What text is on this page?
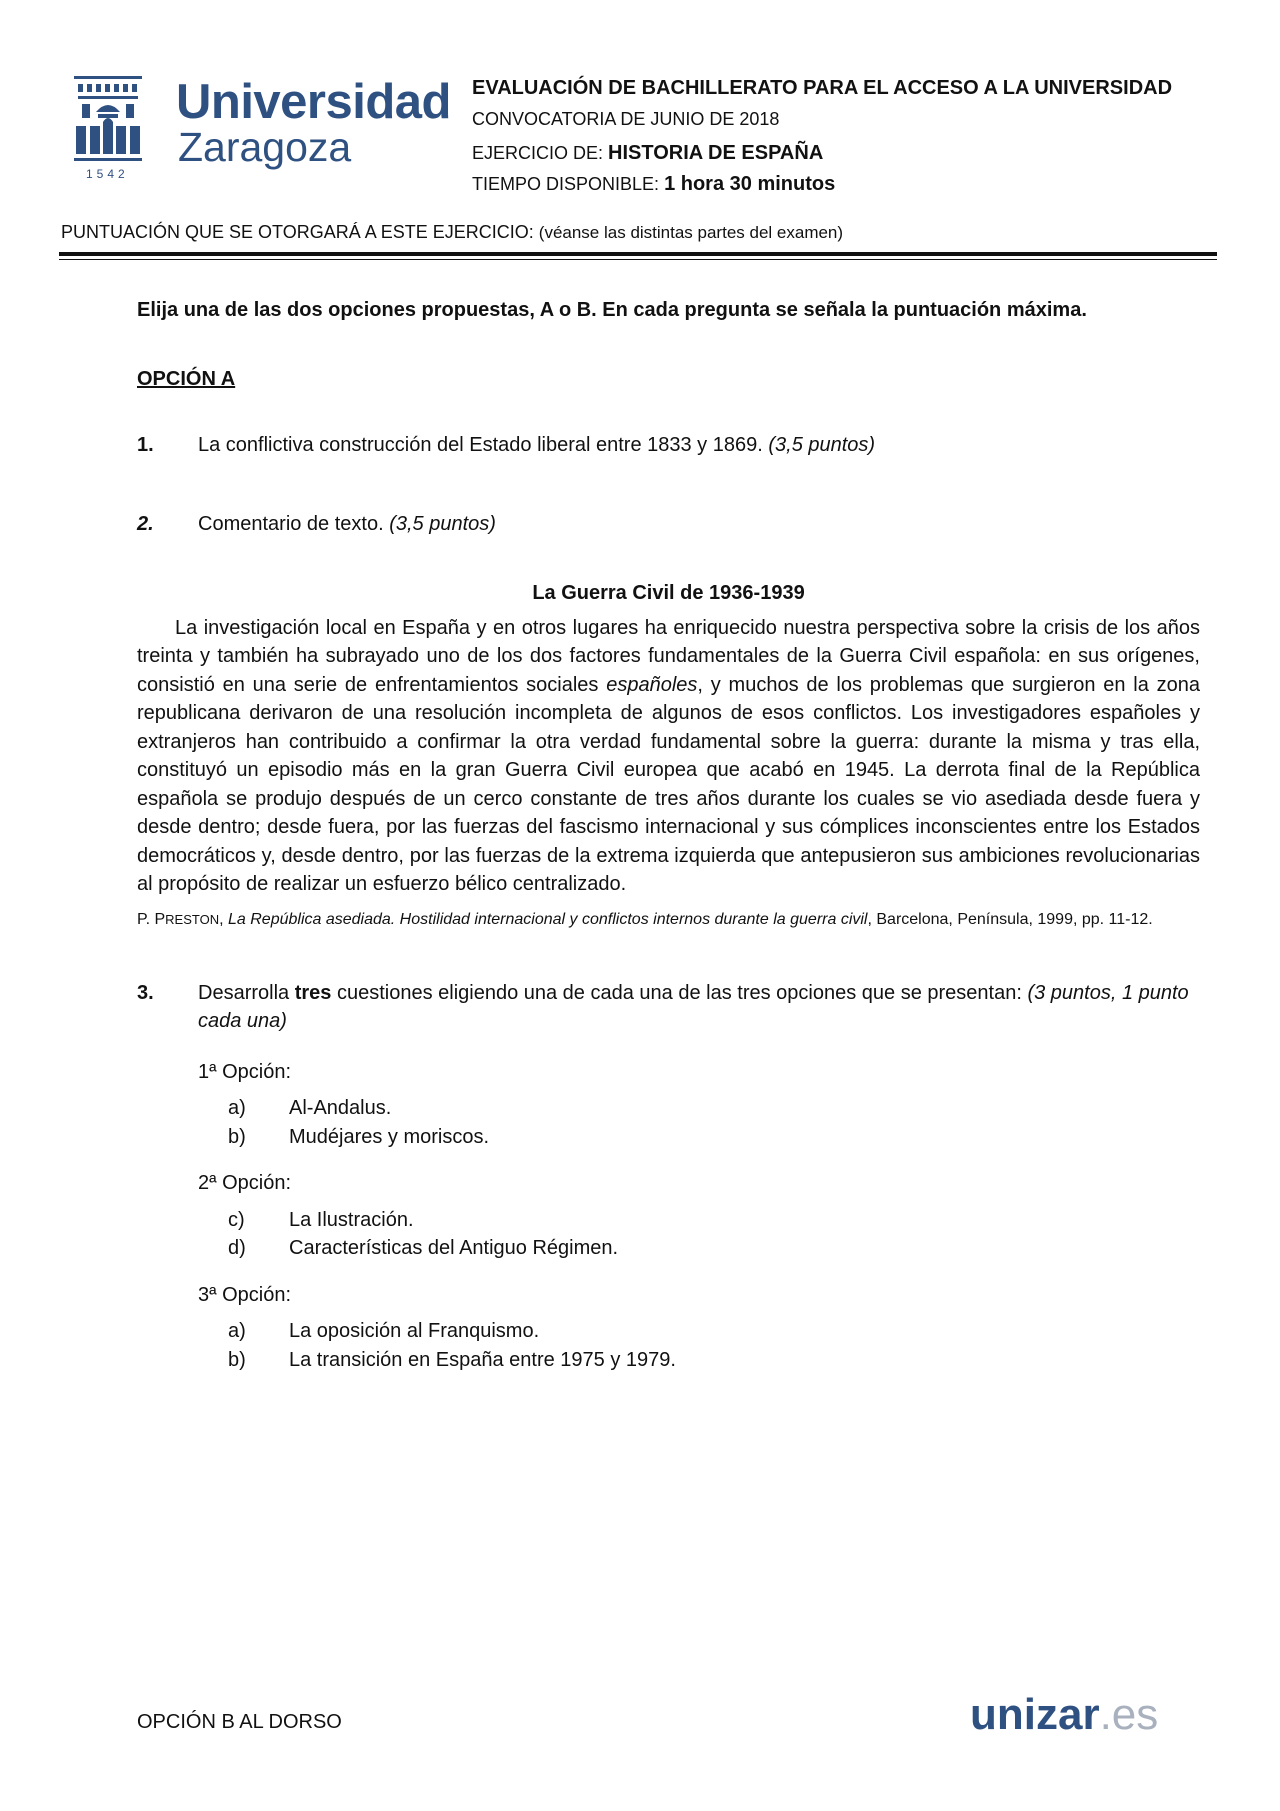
Universidad
Zaragoza
1542
EVALUACIÓN DE BACHILLERATO PARA EL ACCESO A LA UNIVERSIDAD
CONVOCATORIA DE JUNIO DE 2018
EJERCICIO DE: HISTORIA DE ESPAÑA
TIEMPO DISPONIBLE: 1 hora 30 minutos
PUNTUACIÓN QUE SE OTORGARÁ A ESTE EJERCICIO: (véanse las distintas partes del examen)
Elija una de las dos opciones propuestas, A o B. En cada pregunta se señala la puntuación máxima.
OPCIÓN A
1.	La conflictiva construcción del Estado liberal entre 1833 y 1869. (3,5 puntos)
2.	Comentario de texto. (3,5 puntos)
La Guerra Civil de 1936-1939
La investigación local en España y en otros lugares ha enriquecido nuestra perspectiva sobre la crisis de los años treinta y también ha subrayado uno de los dos factores fundamentales de la Guerra Civil española: en sus orígenes, consistió en una serie de enfrentamientos sociales españoles, y muchos de los problemas que surgieron en la zona republicana derivaron de una resolución incompleta de algunos de esos conflictos. Los investigadores españoles y extranjeros han contribuido a confirmar la otra verdad fundamental sobre la guerra: durante la misma y tras ella, constituyó un episodio más en la gran Guerra Civil europea que acabó en 1945. La derrota final de la República española se produjo después de un cerco constante de tres años durante los cuales se vio asediada desde fuera y desde dentro; desde fuera, por las fuerzas del fascismo internacional y sus cómplices inconscientes entre los Estados democráticos y, desde dentro, por las fuerzas de la extrema izquierda que antepusieron sus ambiciones revolucionarias al propósito de realizar un esfuerzo bélico centralizado.
P. PRESTON, La República asediada. Hostilidad internacional y conflictos internos durante la guerra civil, Barcelona, Península, 1999, pp. 11-12.
3.	Desarrolla tres cuestiones eligiendo una de cada una de las tres opciones que se presentan: (3 puntos, 1 punto cada una)
1ª Opción:
a)	Al-Andalus.
b)	Mudéjares y moriscos.
2ª Opción:
c)	La Ilustración.
d)	Características del Antiguo Régimen.
3ª Opción:
a)	La oposición al Franquismo.
b)	La transición en España entre 1975 y 1979.
OPCIÓN B AL DORSO	unizar.es
